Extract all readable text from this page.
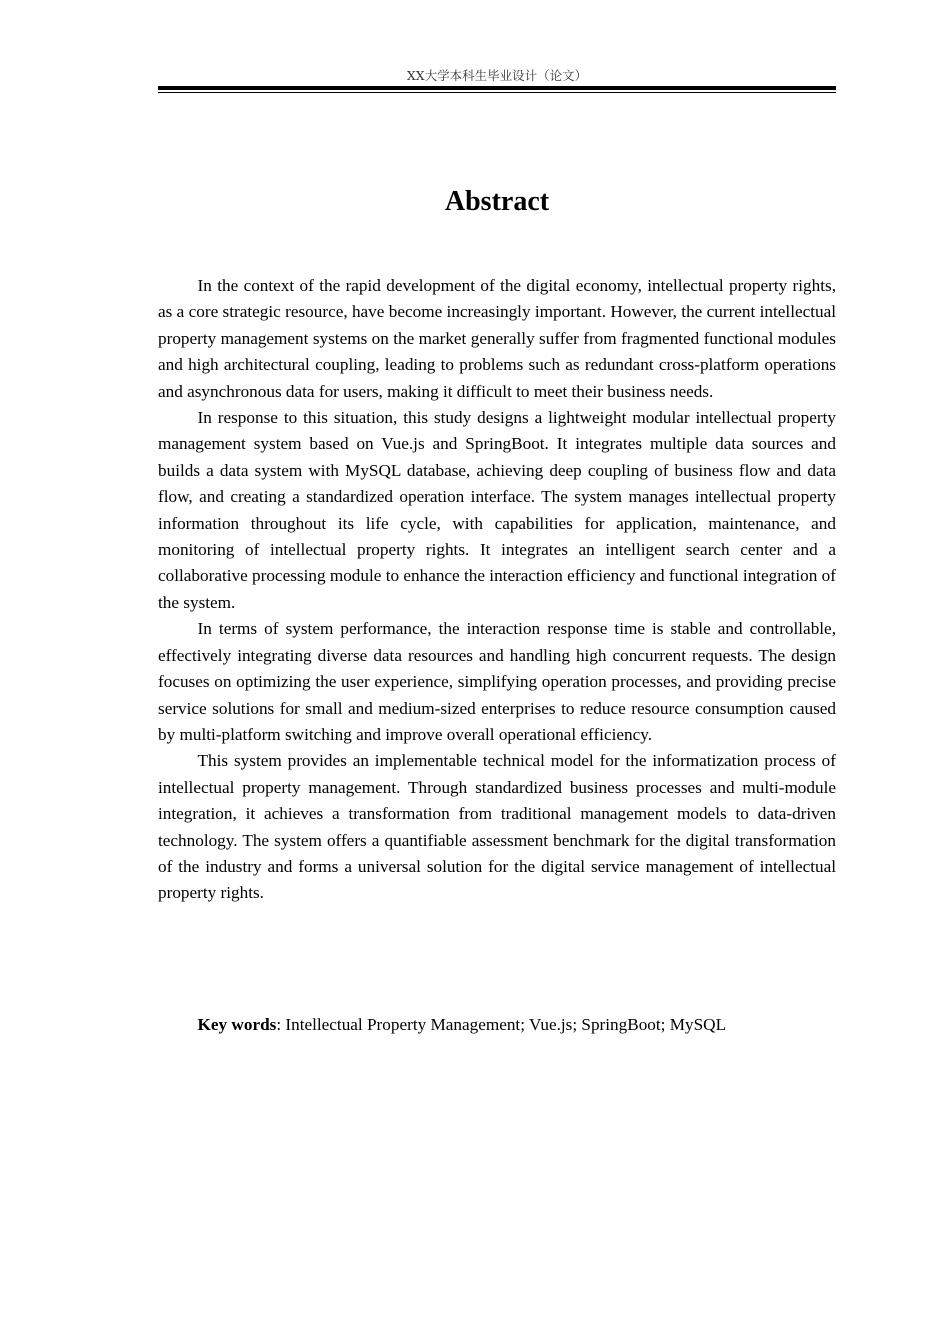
XX大学本科生毕业设计（论文）
Abstract

In the context of the rapid development of the digital economy, intellectual property rights, as a core strategic resource, have become increasingly important. However, the current intellectual property management systems on the market generally suffer from fragmented functional modules and high architectural coupling, leading to problems such as redundant cross-platform operations and asynchronous data for users, making it difficult to meet their business needs.

In response to this situation, this study designs a lightweight modular intellectual property management system based on Vue.js and SpringBoot. It integrates multiple data sources and builds a data system with MySQL database, achieving deep coupling of business flow and data flow, and creating a standardized operation interface. The system manages intellectual property information throughout its life cycle, with capabilities for application, maintenance, and monitoring of intellectual property rights. It integrates an intelligent search center and a collaborative processing module to enhance the interaction efficiency and functional integration of the system.

In terms of system performance, the interaction response time is stable and controllable, effectively integrating diverse data resources and handling high concurrent requests. The design focuses on optimizing the user experience, simplifying operation processes, and providing precise service solutions for small and medium-sized enterprises to reduce resource consumption caused by multi-platform switching and improve overall operational efficiency.

This system provides an implementable technical model for the informatization process of intellectual property management. Through standardized business processes and multi-module integration, it achieves a transformation from traditional management models to data-driven technology. The system offers a quantifiable assessment benchmark for the digital transformation of the industry and forms a universal solution for the digital service management of intellectual property rights.

Key words: Intellectual Property Management; Vue.js; SpringBoot; MySQL
